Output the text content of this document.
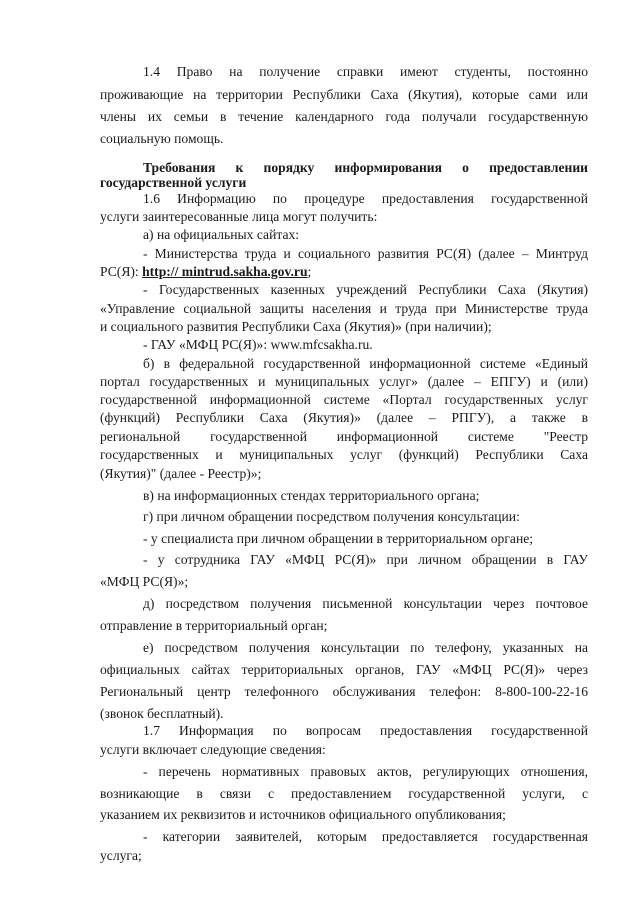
1.4 Право на получение справки имеют студенты, постоянно
проживающие на территории Республики Саха (Якутия), которые сами или
члены их семьи в течение календарного года получали государственную
социальную помощь.
Требования к порядку информирования о предоставлении
государственной услуги
1.6 Информацию по процедуре предоставления государственной
услуги заинтересованные лица могут получить:
а) на официальных сайтах:
- Министерства труда и социального развития РС(Я) (далее – Минтруд
РС(Я): http:// mintrud.sakha.gov.ru;
- Государственных казенных учреждений Республики Саха (Якутия)
«Управление социальной защиты населения и труда при Министерстве труда
и социального развития Республики Саха (Якутия)» (при наличии);
- ГАУ «МФЦ РС(Я)»: www.mfcsakha.ru.
б) в федеральной государственной информационной системе «Единый
портал государственных и муниципальных услуг» (далее – ЕПГУ) и (или)
государственной информационной системе «Портал государственных услуг
(функций) Республики Саха (Якутия)» (далее – РПГУ), а также в
региональной государственной информационной системе "Реестр
государственных и муниципальных услуг (функций) Республики Саха
(Якутия)" (далее - Реестр)»;
в) на информационных стендах территориального органа;
г) при личном обращении посредством получения консультации:
- у специалиста при личном обращении в территориальном органе;
- у сотрудника ГАУ «МФЦ РС(Я)» при личном обращении в ГАУ
«МФЦ РС(Я)»;
д) посредством получения письменной консультации через почтовое
отправление в территориальный орган;
е) посредством получения консультации по телефону, указанных на
официальных сайтах территориальных органов, ГАУ «МФЦ РС(Я)» через
Региональный центр телефонного обслуживания телефон: 8-800-100-22-16
(звонок бесплатный).
1.7 Информация по вопросам предоставления государственной
услуги включает следующие сведения:
- перечень нормативных правовых актов, регулирующих отношения,
возникающие в связи с предоставлением государственной услуги, с
указанием их реквизитов и источников официального опубликования;
- категории заявителей, которым предоставляется государственная
услуга;
